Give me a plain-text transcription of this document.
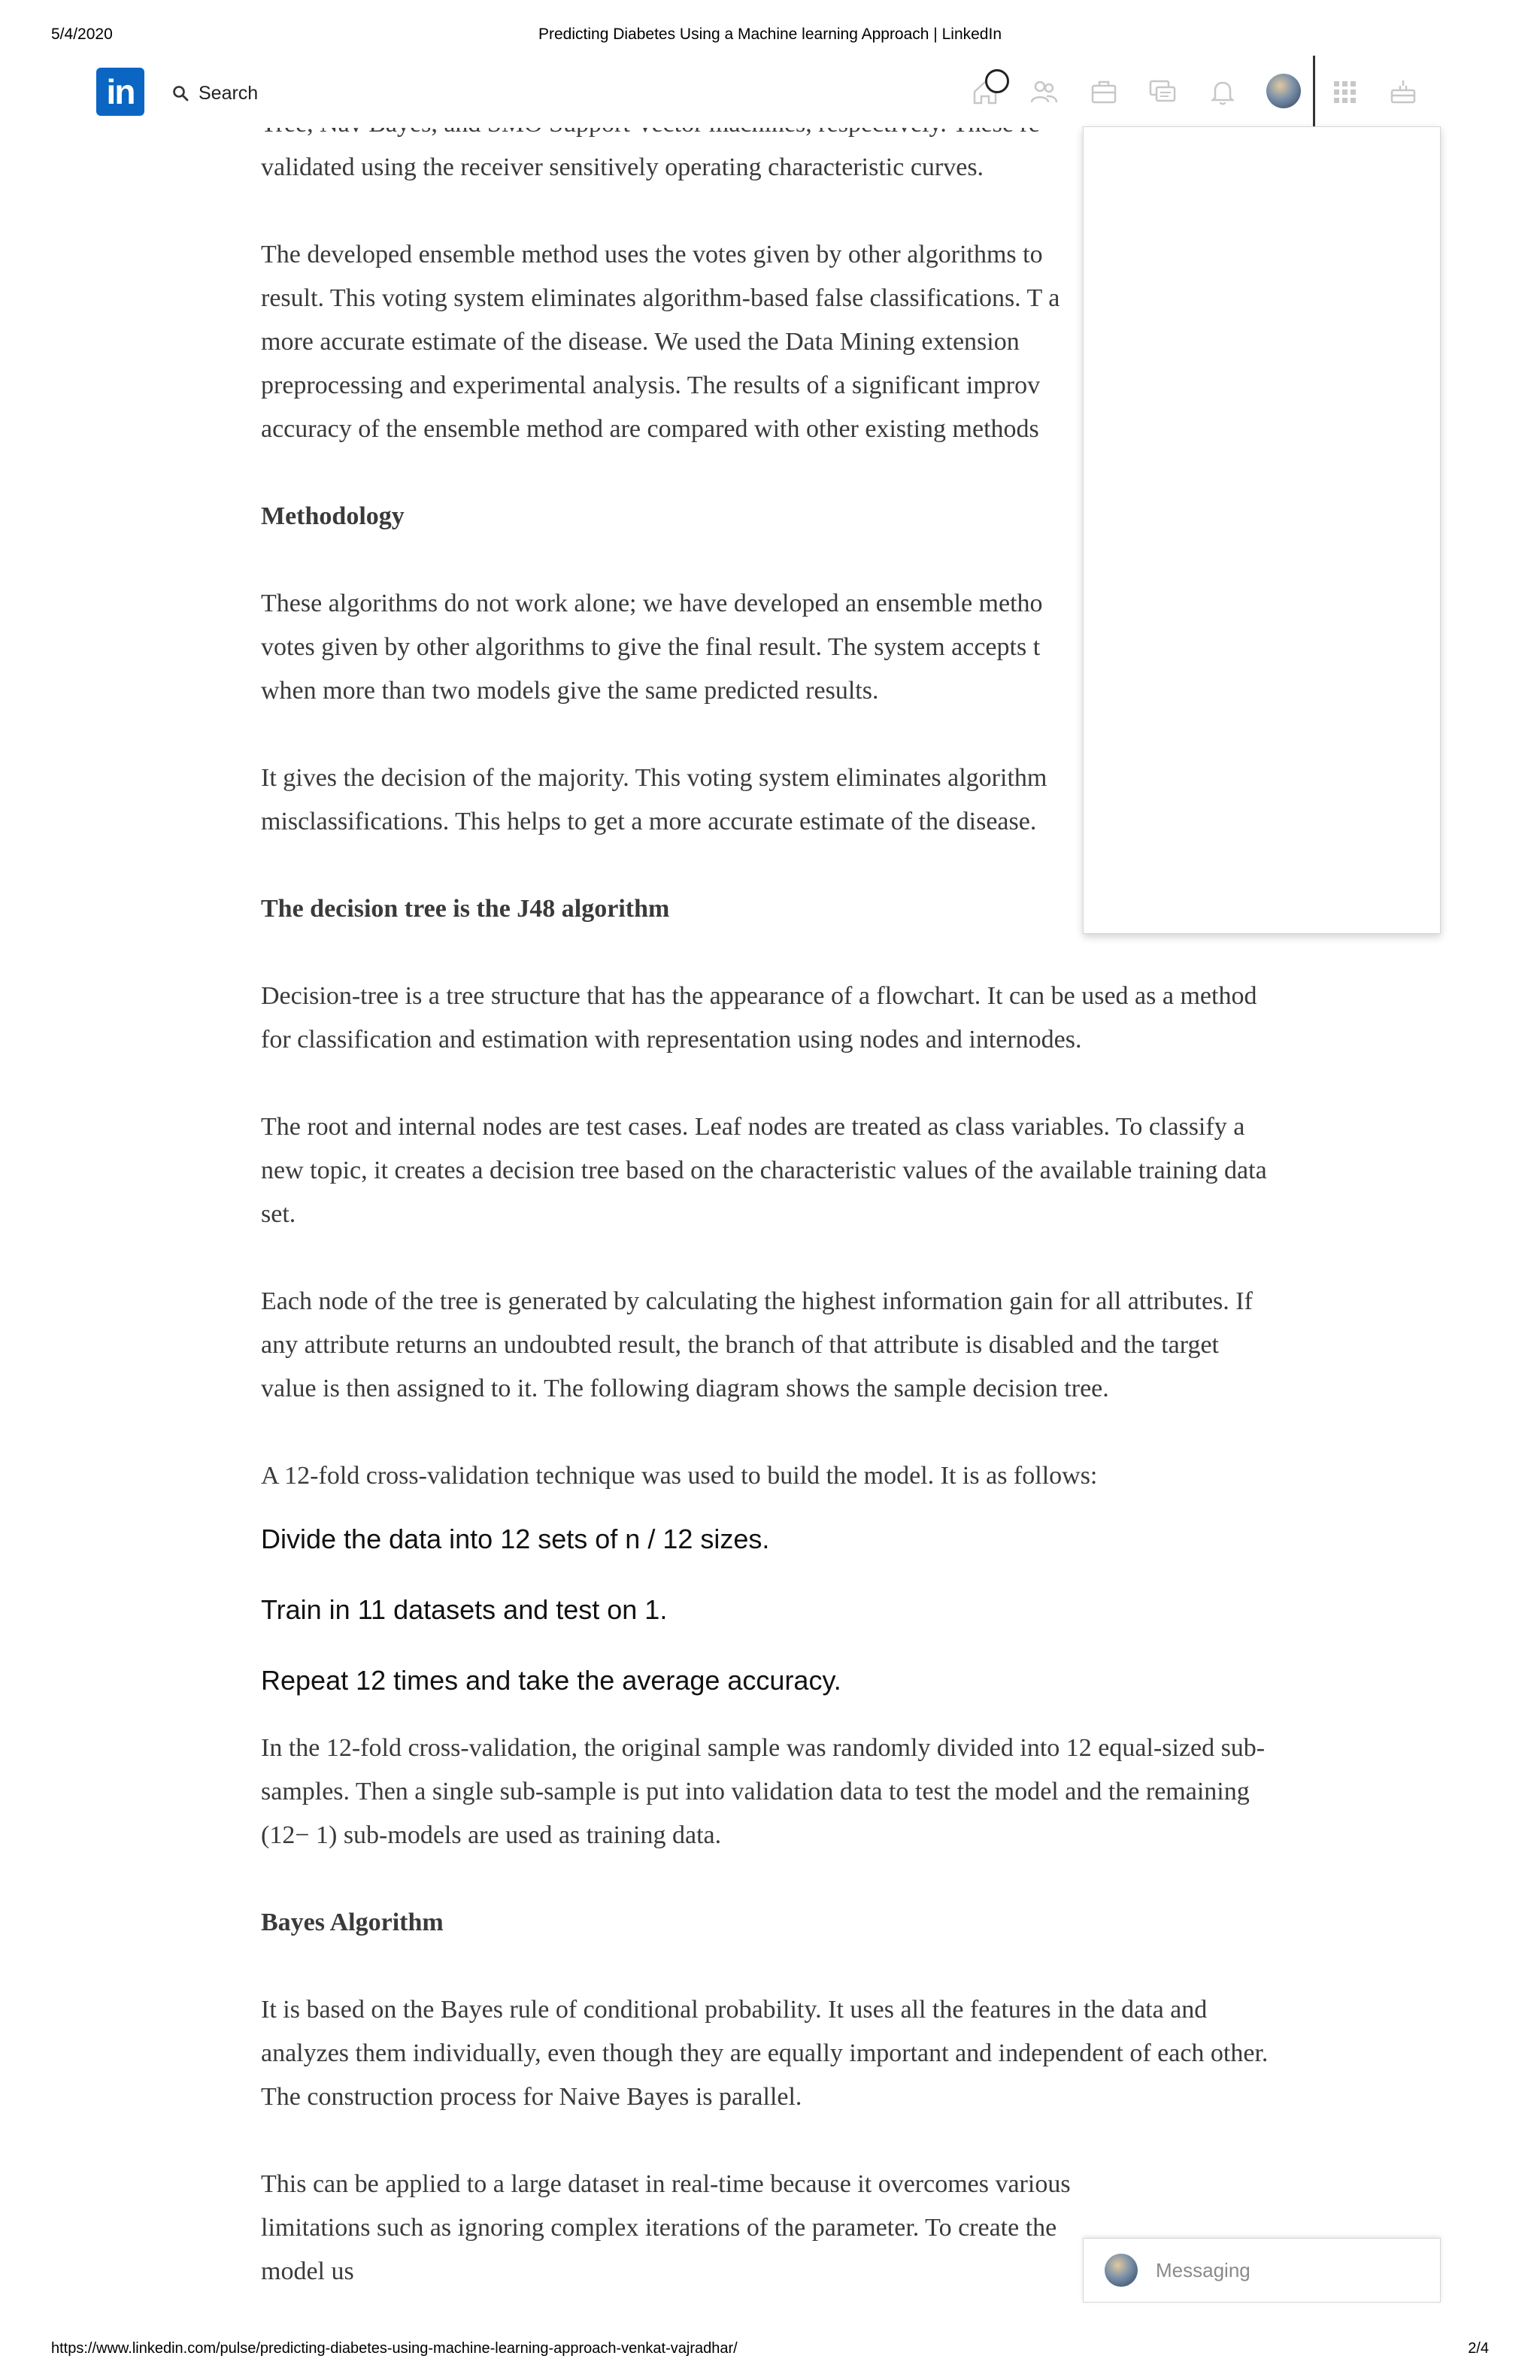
5/4/2020	Predicting Diabetes Using a Machine learning Approach | LinkedIn

validated using the receiver sensitively operating characteristic curves.

The developed ensemble method uses the votes given by other algorithms to result. This voting system eliminates algorithm-based false classifications. T a more accurate estimate of the disease. We used the Data Mining extension preprocessing and experimental analysis. The results of a significant improv accuracy of the ensemble method are compared with other existing methods

Methodology

These algorithms do not work alone; we have developed an ensemble metho votes given by other algorithms to give the final result. The system accepts t when more than two models give the same predicted results.

It gives the decision of the majority. This voting system eliminates algorithm misclassifications. This helps to get a more accurate estimate of the disease.

The decision tree is the J48 algorithm

Decision-tree is a tree structure that has the appearance of a flowchart. It can be used as a method for classification and estimation with representation using nodes and internodes.

The root and internal nodes are test cases. Leaf nodes are treated as class variables. To classify a new topic, it creates a decision tree based on the characteristic values of the available training data set.

Each node of the tree is generated by calculating the highest information gain for all attributes. If any attribute returns an undoubted result, the branch of that attribute is disabled and the target value is then assigned to it. The following diagram shows the sample decision tree.

A 12-fold cross-validation technique was used to build the model. It is as follows:

Divide the data into 12 sets of n / 12 sizes.

Train in 11 datasets and test on 1.

Repeat 12 times and take the average accuracy.

In the 12-fold cross-validation, the original sample was randomly divided into 12 equal-sized sub-samples. Then a single sub-sample is put into validation data to test the model and the remaining (12− 1) sub-models are used as training data.

Bayes Algorithm

It is based on the Bayes rule of conditional probability. It uses all the features in the data and analyzes them individually, even though they are equally important and independent of each other. The construction process for Naive Bayes is parallel.

This can be applied to a large dataset in real-time because it overcomes various limitations such as ignoring complex iterations of the parameter. To create the model us

in	Search
Messaging
https://www.linkedin.com/pulse/predicting-diabetes-using-machine-learning-approach-venkat-vajradhar/	2/4
